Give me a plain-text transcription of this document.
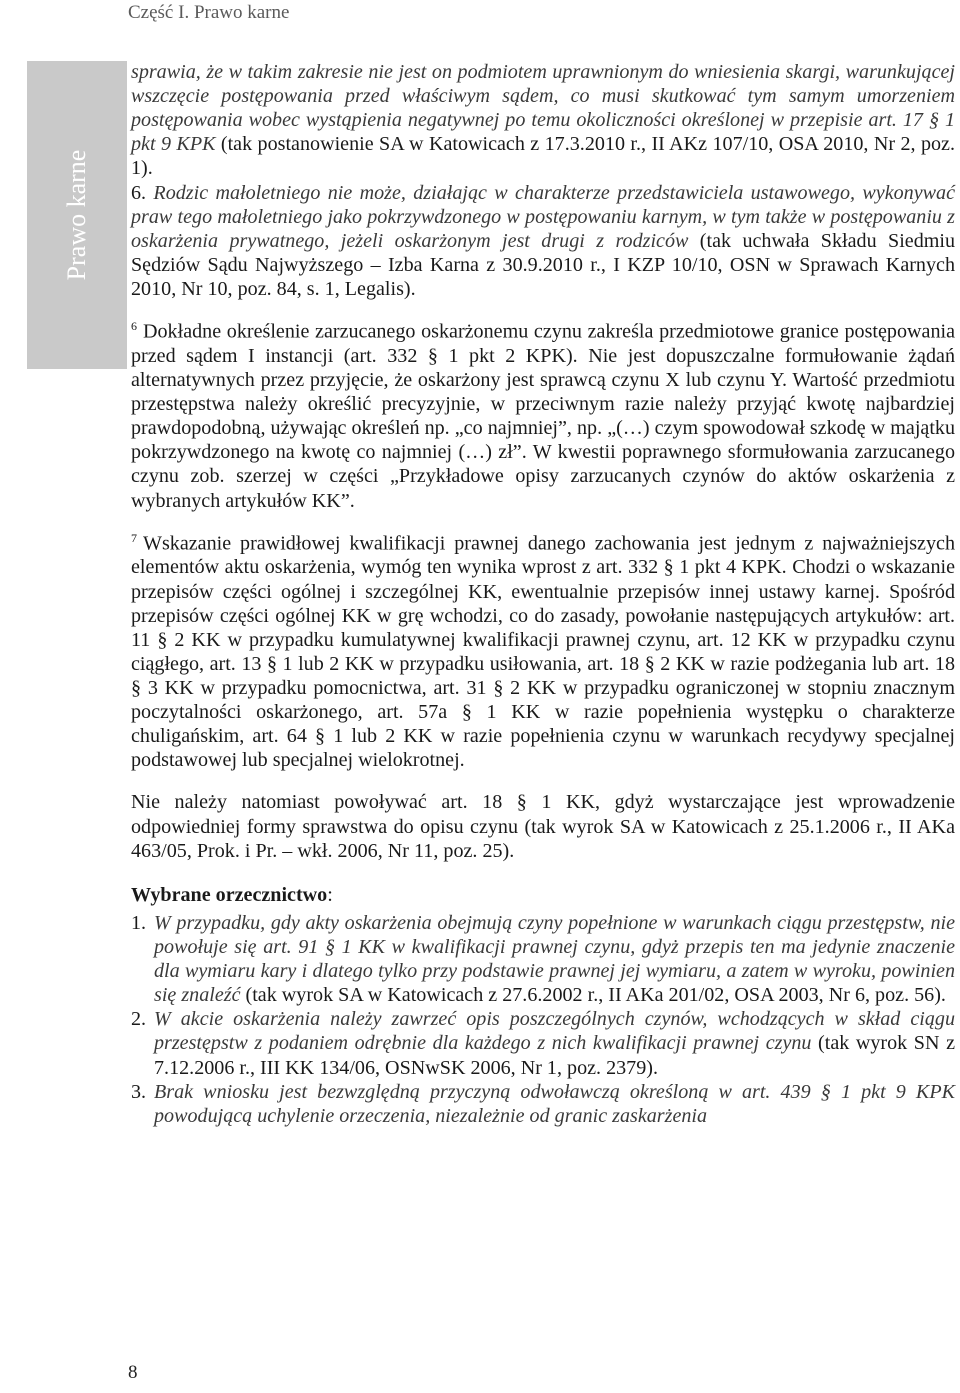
Część I. Prawo karne
Prawo karne

sprawia, że w takim zakresie nie jest on podmiotem uprawnionym do wniesienia skargi, warunkującej wszczęcie postępowania przed właściwym sądem, co musi skutkować tym samym umorzeniem postępowania wobec wystąpienia negatywnej po temu okoliczności określonej w przepisie art. 17 § 1 pkt 9 KPK (tak postanowienie SA w Katowicach z 17.3.2010 r., II AKz 107/10, OSA 2010, Nr 2, poz. 1).

6. Rodzic małoletniego nie może, działając w charakterze przedstawiciela ustawowego, wykonywać praw tego małoletniego jako pokrzywdzonego w postępowaniu karnym, w tym także w postępowaniu z oskarżenia prywatnego, jeżeli oskarżonym jest drugi z rodziców (tak uchwała Składu Siedmiu Sędziów Sądu Najwyższego – Izba Karna z 30.9.2010 r., I KZP 10/10, OSN w Sprawach Karnych 2010, Nr 10, poz. 84, s. 1, Legalis).

$^6$ Dokładne określenie zarzucanego oskarżonemu czynu zakreśla przedmiotowe granice postępowania przed sądem I instancji (art. 332 § 1 pkt 2 KPK). Nie jest dopuszczalne formułowanie żądań alternatywnych przez przyjęcie, że oskarżony jest sprawcą czynu X lub czynu Y. Wartość przedmiotu przestępstwa należy określić precyzyjnie, w przeciwnym razie należy przyjąć kwotę najbardziej prawdopodobną, używając określeń np. „co najmniej”, np. „(…) czym spowodował szkodę w majątku pokrzywdzonego na kwotę co najmniej (…) zł”. W kwestii poprawnego sformułowania zarzucanego czynu zob. szerzej w części „Przykładowe opisy zarzucanych czynów do aktów oskarżenia z wybranych artykułów KK”.

$^7$ Wskazanie prawidłowej kwalifikacji prawnej danego zachowania jest jednym z najważniejszych elementów aktu oskarżenia, wymóg ten wynika wprost z art. 332 § 1 pkt 4 KPK. Chodzi o wskazanie przepisów części ogólnej i szczególnej KK, ewentualnie przepisów innej ustawy karnej. Spośród przepisów części ogólnej KK w grę wchodzi, co do zasady, powołanie następujących artykułów: art. 11 § 2 KK w przypadku kumulatywnej kwalifikacji prawnej czynu, art. 12 KK w przypadku czynu ciągłego, art. 13 § 1 lub 2 KK w przypadku usiłowania, art. 18 § 2 KK w razie podżegania lub art. 18 § 3 KK w przypadku pomocnictwa, art. 31 § 2 KK w przypadku ograniczonej w stopniu znacznym poczytalności oskarżonego, art. 57a § 1 KK w razie popełnienia występku o charakterze chuligańskim, art. 64 § 1 lub 2 KK w razie popełnienia czynu w warunkach recydywy specjalnej podstawowej lub specjalnej wielokrotnej.

Nie należy natomiast powoływać art. 18 § 1 KK, gdyż wystarczające jest wprowadzenie odpowiedniej formy sprawstwa do opisu czynu (tak wyrok SA w Katowicach z 25.1.2006 r., II AKa 463/05, Prok. i Pr. – wkł. 2006, Nr 11, poz. 25).

Wybrane orzecznictwo:

1. W przypadku, gdy akty oskarżenia obejmują czyny popełnione w warunkach ciągu przestępstw, nie powołuje się art. 91 § 1 KK w kwalifikacji prawnej czynu, gdyż przepis ten ma jedynie znaczenie dla wymiaru kary i dlatego tylko przy podstawie prawnej jej wymiaru, a zatem w wyroku, powinien się znaleźć (tak wyrok SA w Katowicach z 27.6.2002 r., II AKa 201/02, OSA 2003, Nr 6, poz. 56).
2. W akcie oskarżenia należy zawrzeć opis poszczególnych czynów, wchodzących w skład ciągu przestępstw z podaniem odrębnie dla każdego z nich kwalifikacji prawnej czynu (tak wyrok SN z 7.12.2006 r., III KK 134/06, OSNwSK 2006, Nr 1, poz. 2379).
3. Brak wniosku jest bezwzględną przyczyną odwoławczą określoną w art. 439 § 1 pkt 9 KPK powodującą uchylenie orzeczenia, niezależnie od granic zaskarżenia
8
